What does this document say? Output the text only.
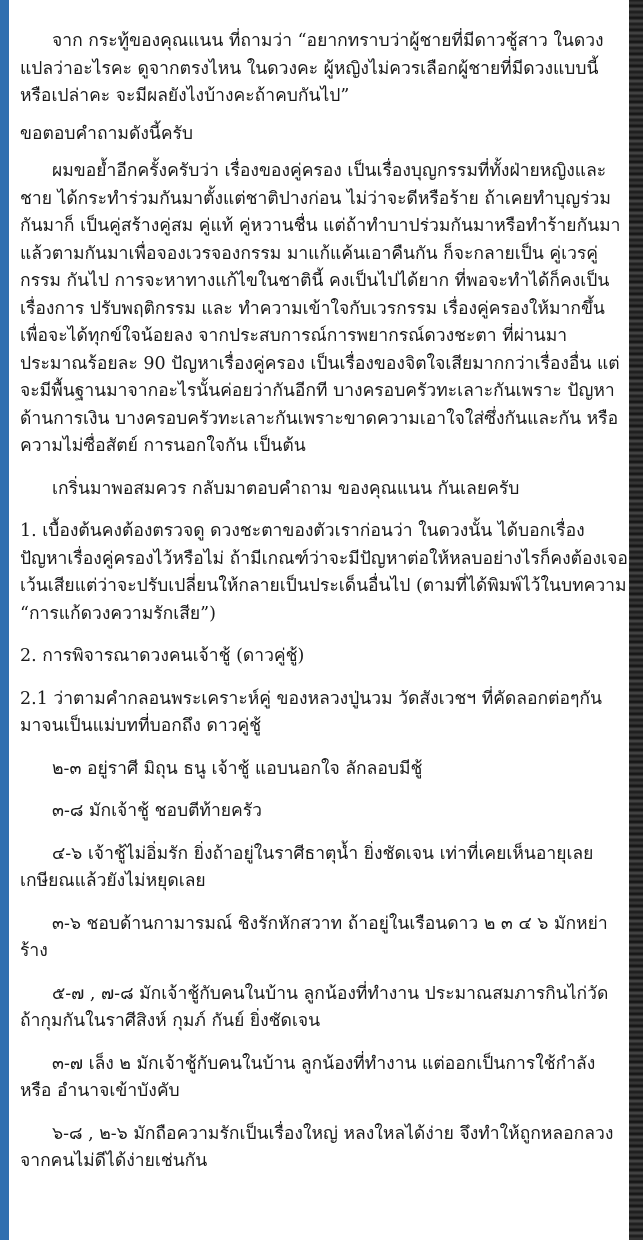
จาก กระทู้ของคุณแนน ที่ถามว่า “อยากทราบว่าผู้ชายที่มีดาวชู้สาว ในดวงแปลว่าอะไรคะ ดูจากตรงไหน ในดวงคะ ผู้หญิงไม่ควรเลือกผู้ชายที่มีดวงแบบนี้หรือเปล่าคะ จะมีผลยังไงบ้างคะถ้าคบกันไป”

ขอตอบคำถามดังนี้ครับ

ผมขอย้ำอีกครั้งครับว่า เรื่องของคู่ครอง เป็นเรื่องบุญกรรมที่ทั้งฝ่ายหญิงและชาย ได้กระทำร่วมกันมาตั้งแต่ชาติปางก่อน ไม่ว่าจะดีหรือร้าย ถ้าเคยทำบุญร่วมกันมาก็ เป็นคู่สร้างคู่สม คู่แท้ คู่หวานชื่น แต่ถ้าทำบาปร่วมกันมาหรือทำร้ายกันมาแล้วตามกันมาเพื่อจองเวรจองกรรม มาแก้แค้นเอาคืนกัน ก็จะกลายเป็น คู่เวรคู่กรรม กันไป การจะหาทางแก้ไขในชาตินี้ คงเป็นไปได้ยาก ที่พอจะทำได้ก็คงเป็นเรื่องการ ปรับพฤติกรรม และ ทำความเข้าใจกับเวรกรรม เรื่องคู่ครองให้มากขึ้น เพื่อจะได้ทุกข์ใจน้อยลง จากประสบการณ์การพยากรณ์ดวงชะตา ที่ผ่านมา ประมาณร้อยละ 90 ปัญหาเรื่องคู่ครอง เป็นเรื่องของจิตใจเสียมากกว่าเรื่องอื่น แต่จะมีพื้นฐานมาจากอะไรนั้นค่อยว่ากันอีกที บางครอบครัวทะเลาะกันเพราะ ปัญหาด้านการเงิน บางครอบครัวทะเลาะกันเพราะขาดความเอาใจใส่ซึ่งกันและกัน หรือความไม่ซื่อสัตย์ การนอกใจกัน เป็นต้น

เกริ่นมาพอสมควร กลับมาตอบคำถาม ของคุณแนน กันเลยครับ

1. เบื้องต้นคงต้องตรวจดู ดวงชะตาของตัวเราก่อนว่า ในดวงนั้น ได้บอกเรื่องปัญหาเรื่องคู่ครองไว้หรือไม่ ถ้ามีเกณฑ์ว่าจะมีปัญหาต่อให้หลบอย่างไรก็คงต้องเจอ เว้นเสียแต่ว่าจะปรับเปลี่ยนให้กลายเป็นประเด็นอื่นไป (ตามที่ได้พิมพ์ไว้ในบทความ “การแก้ดวงความรักเสีย”)

2. การพิจารณาดวงคนเจ้าชู้ (ดาวคู่ชู้)

2.1 ว่าตามคำกลอนพระเคราะห์คู่ ของหลวงปู่นวม วัดสังเวชฯ ที่คัดลอกต่อๆกัน มาจนเป็นแม่บทที่บอกถึง ดาวคู่ชู้

๒-๓ อยู่ราศี มิถุน ธนู เจ้าชู้ แอบนอกใจ ลักลอบมีชู้

๓-๘ มักเจ้าชู้ ชอบตีท้ายครัว

๔-๖ เจ้าชู้ไม่อิ่มรัก ยิ่งถ้าอยู่ในราศีธาตุน้ำ ยิ่งชัดเจน เท่าที่เคยเห็นอายุเลยเกษียณแล้วยังไม่หยุดเลย

๓-๖ ชอบด้านกามารมณ์ ชิงรักหักสวาท ถ้าอยู่ในเรือนดาว ๒ ๓ ๔ ๖ มักหย่าร้าง

๕-๗ , ๗-๘ มักเจ้าชู้กับคนในบ้าน ลูกน้องที่ทำงาน ประมาณสมภารกินไก่วัด ถ้ากุมกันในราศีสิงห์ กุมภ์ กันย์ ยิ่งชัดเจน

๓-๗ เล็ง ๒ มักเจ้าชู้กับคนในบ้าน ลูกน้องที่ทำงาน แต่ออกเป็นการใช้กำลัง หรือ อำนาจเข้าบังคับ

๖-๘ , ๒-๖ มักถือความรักเป็นเรื่องใหญ่ หลงใหลได้ง่าย จึงทำให้ถูกหลอกลวง จากคนไม่ดีได้ง่ายเช่นกัน
